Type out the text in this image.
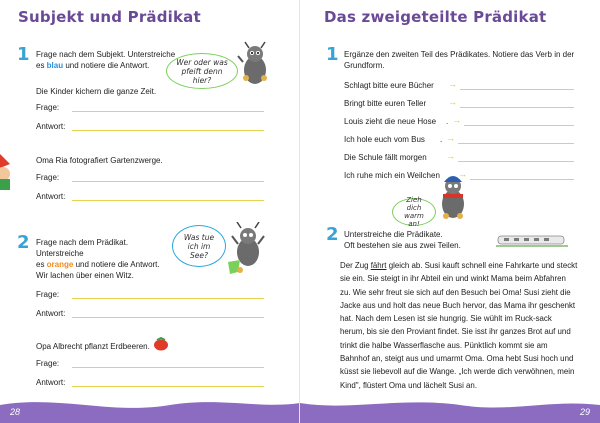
Subjekt und Prädikat
1 Frage nach dem Subjekt. Unterstreiche
es blau und notiere die Antwort.	Wer oder was pfeift denn hier?
Die Kinder kichern die ganze Zeit.
Frage:
Antwort:
Oma Ria fotografiert Gartenzwerge.
Frage:
Antwort:
2 Frage nach dem Prädikat. Unterstreiche
es orange und notiere die Antwort.
Was tue ich im See?
Wir lachen über einen Witz.
Frage:
Antwort:
Opa Albrecht pflanzt Erdbeeren.
Frage:
Antwort:
28
Das zweigeteilte Prädikat
1 Ergänze den zweiten Teil des Prädikates. Notiere das Verb in der
Grundform.
Schlagt bitte eure Bücher →
Bringt bitte euren Teller →
Louis zieht die neue Hose . →
Ich hole euch vom Bus . →
Die Schule fällt morgen →
Ich ruhe mich ein Weilchen →
Zieh dich warm an!
2 Unterstreiche die Prädikate.
Oft bestehen sie aus zwei Teilen.
Der Zug fährt gleich ab. Susi kauft schnell eine Fahrkarte und steckt sie ein. Sie steigt in ihr Abteil ein und winkt Mama beim Abfahren zu. Wie sehr freut sie sich auf den Besuch bei Oma! Susi zieht die Jacke aus und holt das neue Buch hervor, das Mama ihr geschenkt hat. Nach dem Lesen ist sie hungrig. Sie wühlt im Ruck-sack herum, bis sie den Proviant findet. Sie isst ihr ganzes Brot auf und trinkt die halbe Wasserflasche aus. Pünktlich kommt sie am Bahnhof an, steigt aus und umarmt Oma. Oma hebt Susi hoch und küsst sie liebevoll auf die Wange. „Ich werde dich verwöhnen, mein Kind", flüstert Oma und lächelt Susi an.
29
